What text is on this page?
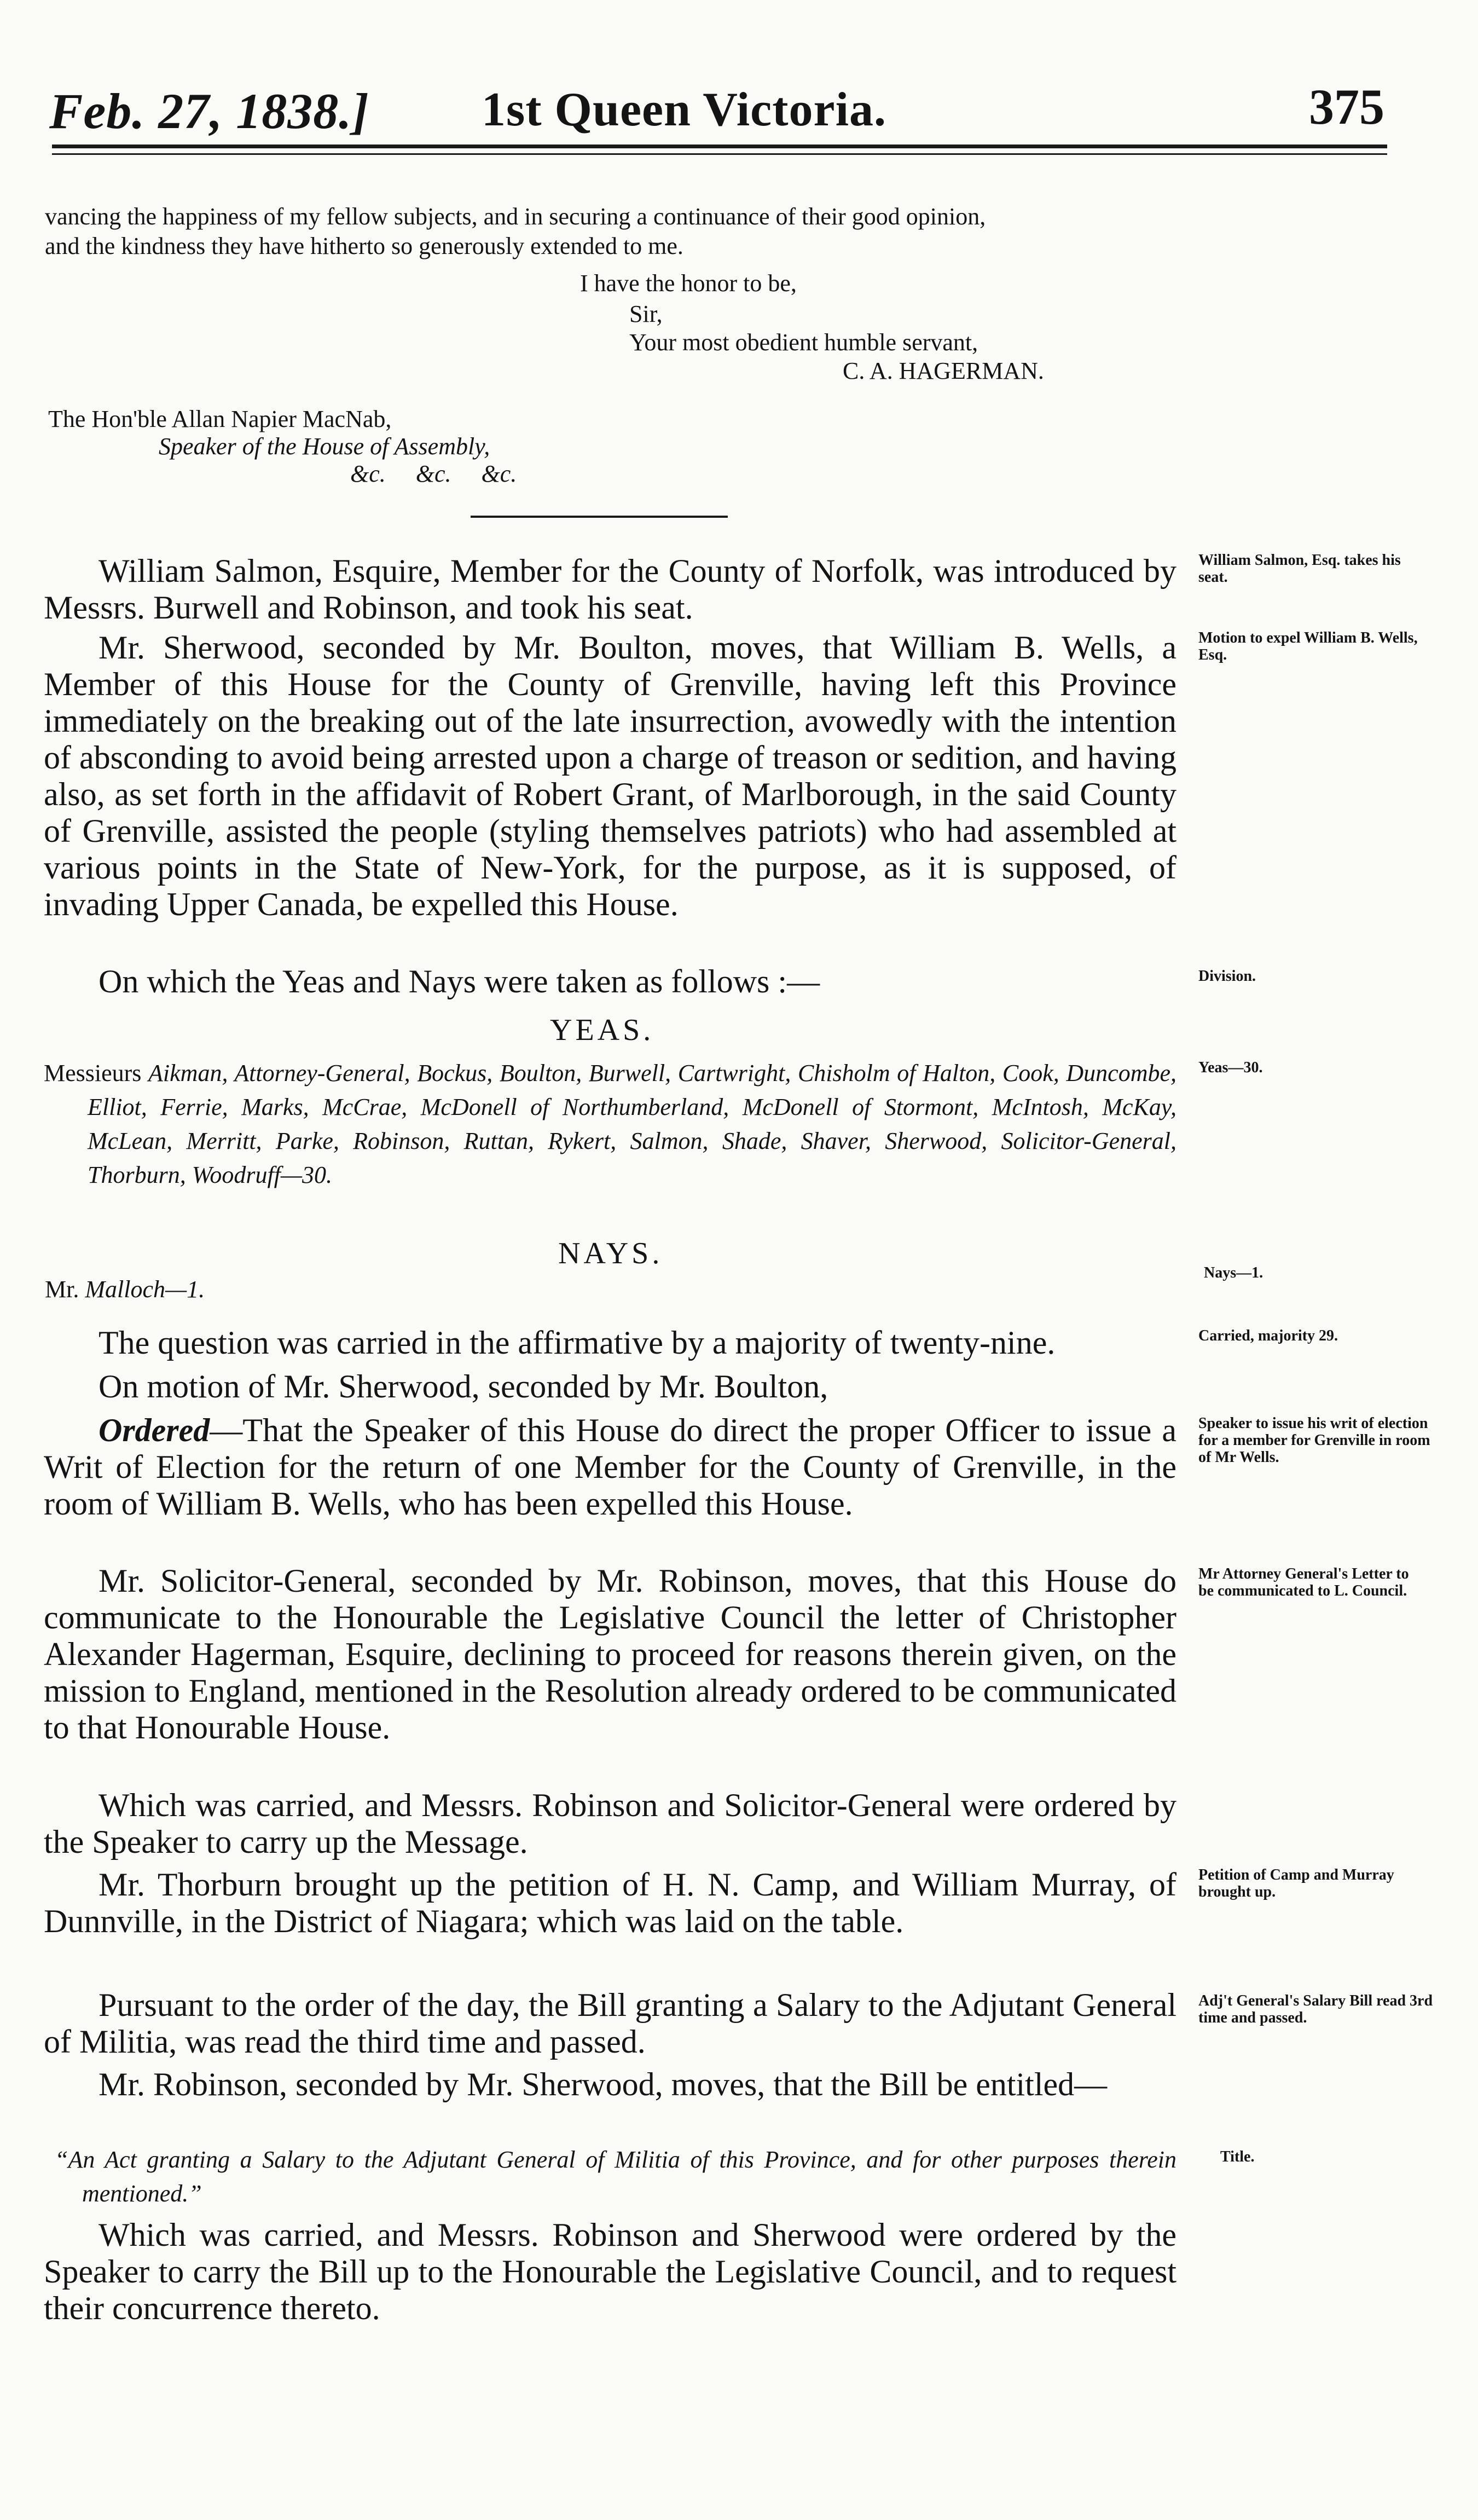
Feb. 27, 1838.] 1st Queen Victoria.	375
vancing the happiness of my fellow subjects, and in securing a continuance of their good opinion,
and the kindness they have hitherto so generously extended to me.
I have the honor to be,
Sir,
Your most obedient humble servant,
C. A. HAGERMAN.
The Hon'ble Allan Napier MacNab,
Speaker of the House of Assembly,
&c.     &c.     &c.

William Salmon, Esquire, Member for the County of Norfolk, was introduced by Messrs. Burwell and Robinson, and took his seat.

Mr. Sherwood, seconded by Mr. Boulton, moves, that William B. Wells, a Member of this House for the County of Grenville, having left this Province immediately on the breaking out of the late insurrection, avowedly with the intention of absconding to avoid being arrested upon a charge of treason or sedition, and having also, as set forth in the affidavit of Robert Grant, of Marlborough, in the said County of Grenville, assisted the people (styling themselves patriots) who had assembled at various points in the State of New-York, for the purpose, as it is supposed, of invading Upper Canada, be expelled this House.

On which the Yeas and Nays were taken as follows :—

YEAS.

Messieurs Aikman, Attorney-General, Bockus, Boulton, Burwell, Cartwright, Chisholm of Halton, Cook, Duncombe, Elliot, Ferrie, Marks, McCrae, McDonell of Northumberland, McDonell of Stormont, McIntosh, McKay, McLean, Merritt, Parke, Robinson, Ruttan, Rykert, Salmon, Shade, Shaver, Sherwood, Solicitor-General, Thorburn, Woodruff—30.

NAYS.
Mr. Malloch—1.

The question was carried in the affirmative by a majority of twenty-nine.

On motion of Mr. Sherwood, seconded by Mr. Boulton,

Ordered—That the Speaker of this House do direct the proper Officer to issue a Writ of Election for the return of one Member for the County of Grenville, in the room of William B. Wells, who has been expelled this House.

Mr. Solicitor-General, seconded by Mr. Robinson, moves, that this House do communicate to the Honourable the Legislative Council the letter of Christopher Alexander Hagerman, Esquire, declining to proceed for reasons therein given, on the mission to England, mentioned in the Resolution already ordered to be communicated to that Honourable House.

Which was carried, and Messrs. Robinson and Solicitor-General were ordered by the Speaker to carry up the Message.

Mr. Thorburn brought up the petition of H. N. Camp, and William Murray, of Dunnville, in the District of Niagara; which was laid on the table.

Pursuant to the order of the day, the Bill granting a Salary to the Adjutant General of Militia, was read the third time and passed.

Mr. Robinson, seconded by Mr. Sherwood, moves, that the Bill be entitled—

“An Act granting a Salary to the Adjutant General of Militia of this Province, and for other purposes therein mentioned.”

Which was carried, and Messrs. Robinson and Sherwood were ordered by the Speaker to carry the Bill up to the Honourable the Legislative Council, and to request their concurrence thereto.

William Salmon, Esq. takes his seat.
Motion to expel William B. Wells, Esq.
Division.
Yeas—30.
Nays—1.
Carried, majority 29.
Speaker to issue his writ of election for a member for Grenville in room of Mr Wells.
Mr Attorney General's Letter to be communicated to L. Council.
Petition of Camp and Murray brought up.
Adj't General's Salary Bill read 3rd time and passed.
Title.
